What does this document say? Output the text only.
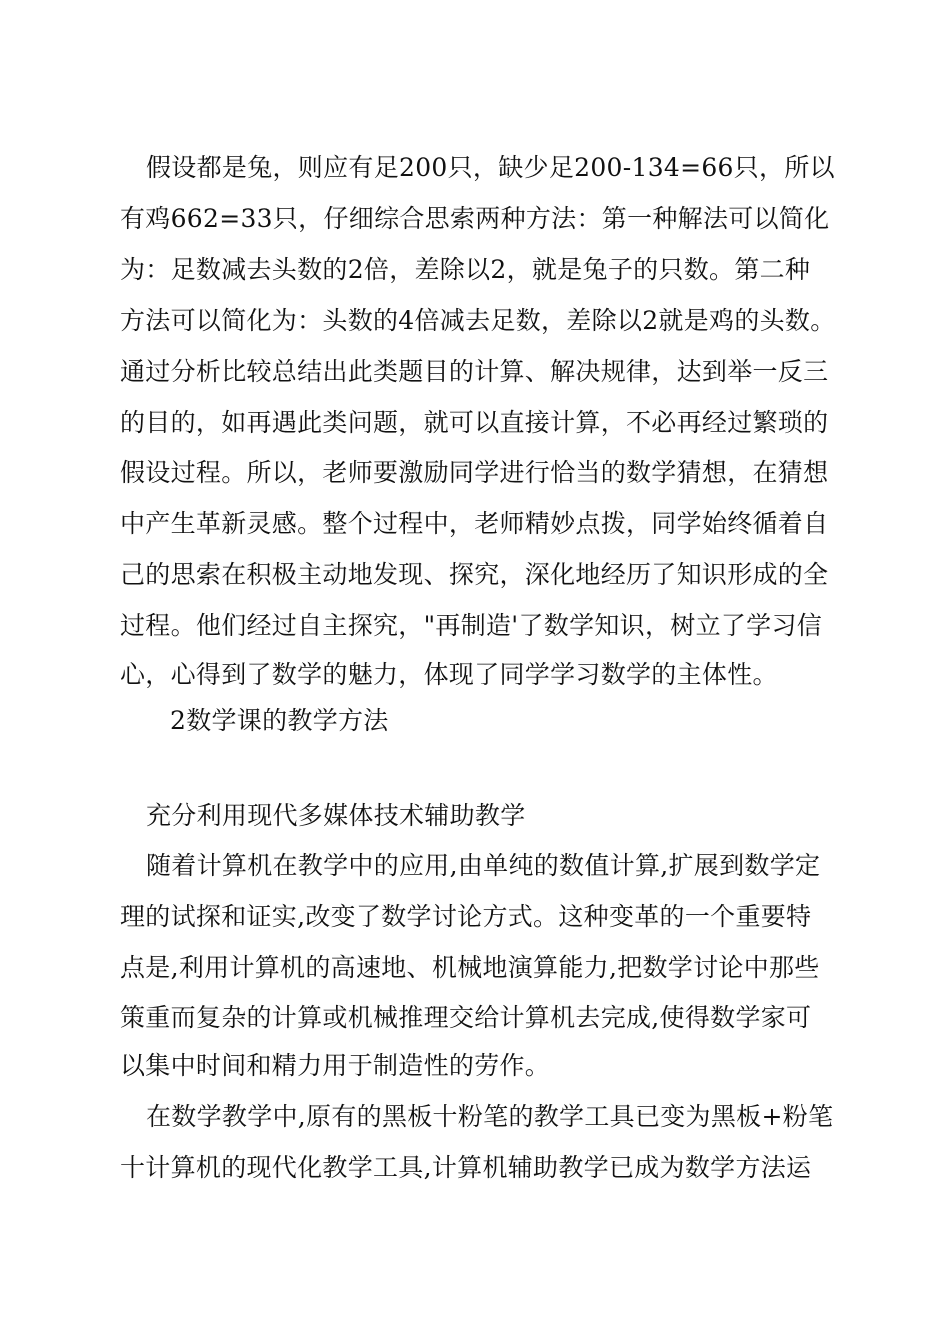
假设都是兔，则应有足200只，缺少足200-134=66只，所以
有鸡662=33只，仔细综合思索两种方法：第一种解法可以简化
为：足数减去头数的2倍，差除以2，就是兔子的只数。第二种
方法可以简化为：头数的4倍减去足数，差除以2就是鸡的头数。
通过分析比较总结出此类题目的计算、解决规律，达到举一反三
的目的，如再遇此类问题，就可以直接计算，不必再经过繁琐的
假设过程。所以，老师要激励同学进行恰当的数学猜想，在猜想
中产生革新灵感。整个过程中，老师精妙点拨，同学始终循着自
己的思索在积极主动地发现、探究，深化地经历了知识形成的全
过程。他们经过自主探究，"再制造'了数学知识，树立了学习信
心，心得到了数学的魅力，体现了同学学习数学的主体性。
2数学课的教学方法
充分利用现代多媒体技术辅助教学
随着计算机在教学中的应用,由单纯的数值计算,扩展到数学定
理的试探和证实,改变了数学讨论方式。这种变革的一个重要特
点是,利用计算机的高速地、机械地演算能力,把数学讨论中那些
策重而复杂的计算或机械推理交给计算机去完成,使得数学家可
以集中时间和精力用于制造性的劳作。
在数学教学中,原有的黑板十粉笔的教学工具已变为黑板+粉笔
十计算机的现代化教学工具,计算机辅助教学已成为数学方法运
